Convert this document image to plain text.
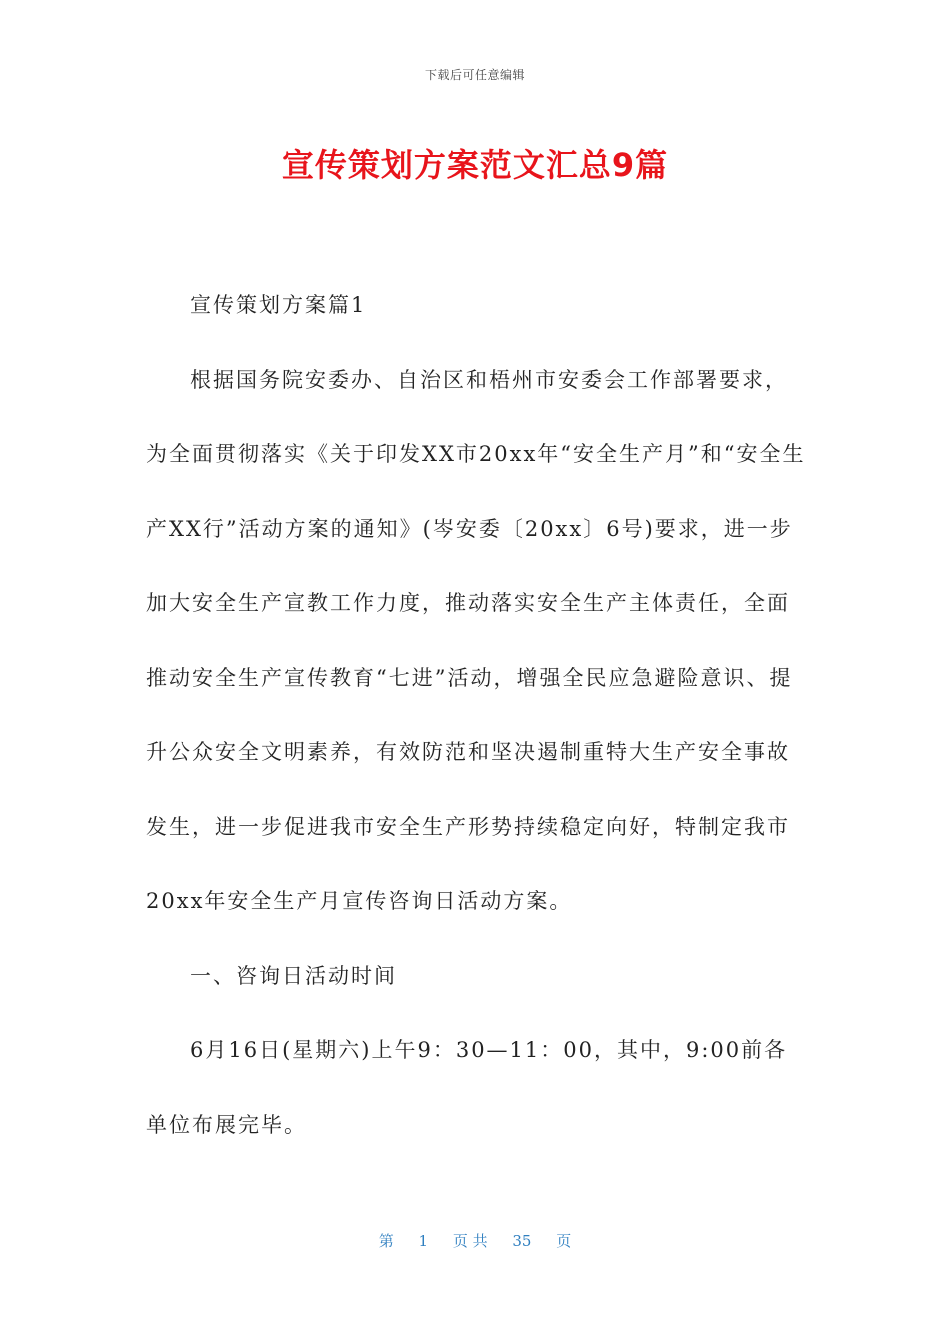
下载后可任意编辑
宣传策划方案范文汇总9篇

宣传策划方案篇1

根据国务院安委办、自治区和梧州市安委会工作部署要求，为全面贯彻落实《关于印发XX市20xx年“安全生产月”和“安全生产XX行”活动方案的通知》(岑安委〔20xx〕6号)要求，进一步加大安全生产宣教工作力度，推动落实安全生产主体责任，全面推动安全生产宣传教育“七进”活动，增强全民应急避险意识、提升公众安全文明素养，有效防范和坚决遏制重特大生产安全事故发生，进一步促进我市安全生产形势持续稳定向好，特制定我市20xx年安全生产月宣传咨询日活动方案。

一、咨询日活动时间

6月16日(星期六)上午9：30—11：00，其中，9:00前各单位布展完毕。

第 1 页 共 35 页
